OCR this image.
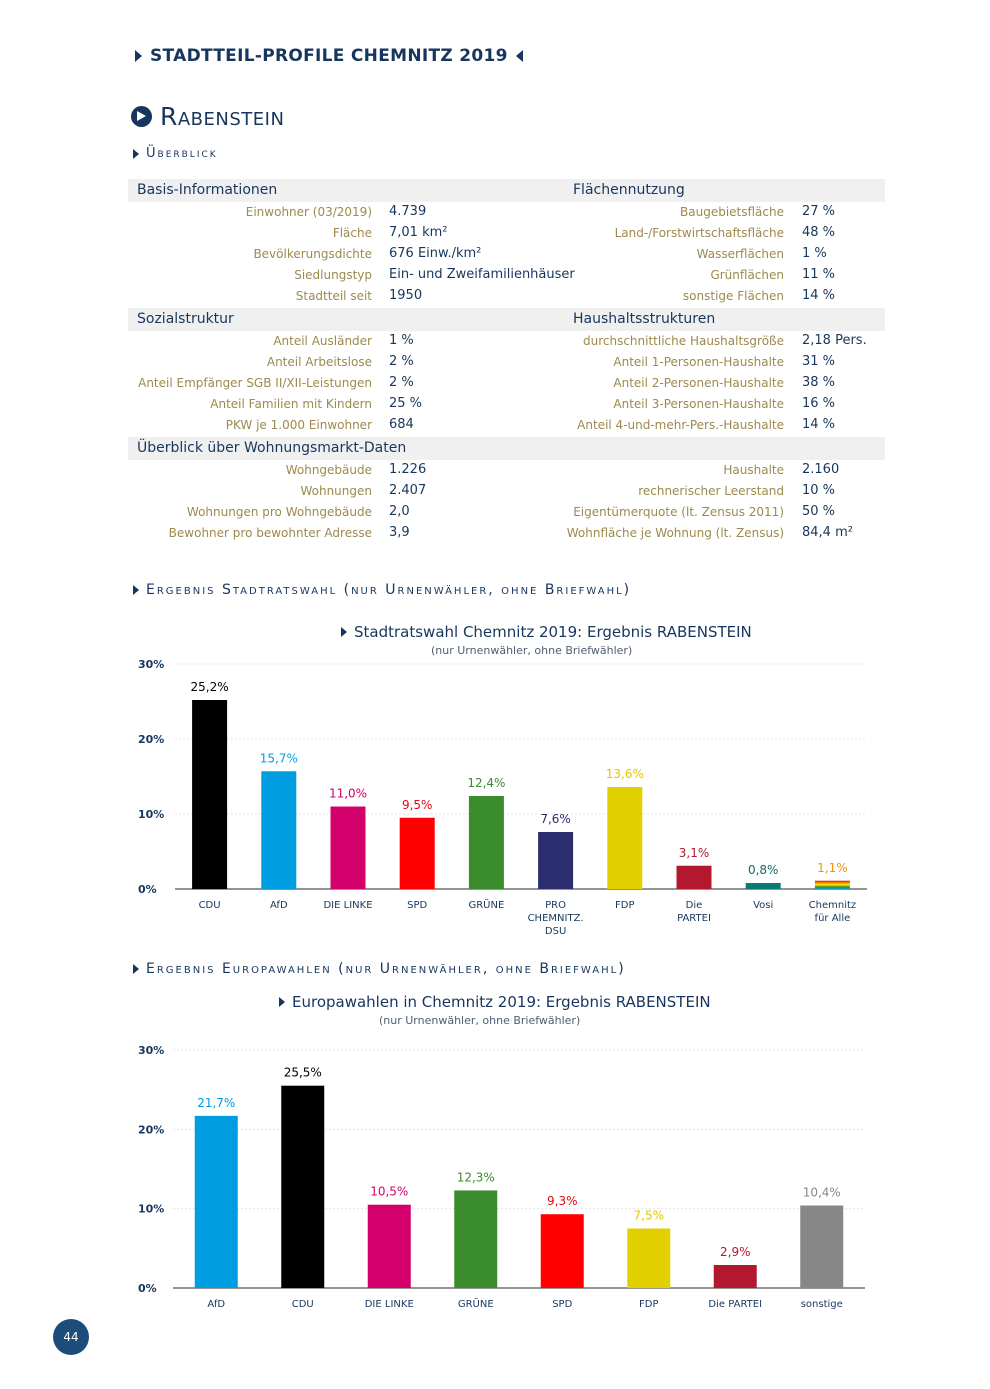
STADTTEIL-PROFILE CHEMNITZ 2019
Rabenstein
Überblick
Basis-Informationen	Flächennutzung
Einwohner (03/2019) 4.739	Baugebietsfläche 27 %
Fläche 7,01 km²	Land-/Forstwirtschaftsfläche 48 %
Bevölkerungsdichte 676 Einw./km²	Wasserflächen 1 %
Siedlungstyp Ein- und Zweifamilienhäuser	Grünflächen 11 %
Stadtteil seit 1950	sonstige Flächen 14 %
Sozialstruktur	Haushaltsstrukturen
Anteil Ausländer 1 %	durchschnittliche Haushaltsgröße 2,18 Pers.
Anteil Arbeitslose 2 %	Anteil 1-Personen-Haushalte 31 %
Anteil Empfänger SGB II/XII-Leistungen 2 %	Anteil 2-Personen-Haushalte 38 %
Anteil Familien mit Kindern 25 %	Anteil 3-Personen-Haushalte 16 %
PKW je 1.000 Einwohner 684	Anteil 4-und-mehr-Pers.-Haushalte 14 %
Überblick über Wohnungsmarkt-Daten
Wohngebäude 1.226	Haushalte 2.160
Wohnungen 2.407	rechnerischer Leerstand 10 %
Wohnungen pro Wohngebäude 2,0	Eigentümerquote (lt. Zensus 2011) 50 %
Bewohner pro bewohnter Adresse 3,9	Wohnfläche je Wohnung (lt. Zensus) 84,4 m²
Ergebnis Stadtratswahl (nur Urnenwähler, ohne Briefwahl)
Stadtratswahl Chemnitz 2019: Ergebnis RABENSTEIN
(nur Urnenwähler, ohne Briefwähler)
0%
10%
20%
30%
25,2%
CDU
15,7%
AfD
11,0%
DIE LINKE
9,5%
SPD
12,4%
GRÜNE
7,6%
PRO
CHEMNITZ.
DSU
13,6%
FDP
3,1%
Die
PARTEI
0,8%
Vosi
1,1%
Chemnitz
für Alle
Ergebnis Europawahlen (nur Urnenwähler, ohne Briefwahl)
Europawahlen in Chemnitz 2019: Ergebnis RABENSTEIN
(nur Urnenwähler, ohne Briefwähler)
0%
10%
20%
30%
21,7%
AfD
25,5%
CDU
10,5%
DIE LINKE
12,3%
GRÜNE
9,3%
SPD
7,5%
FDP
2,9%
Die PARTEI
10,4%
sonstige
44
